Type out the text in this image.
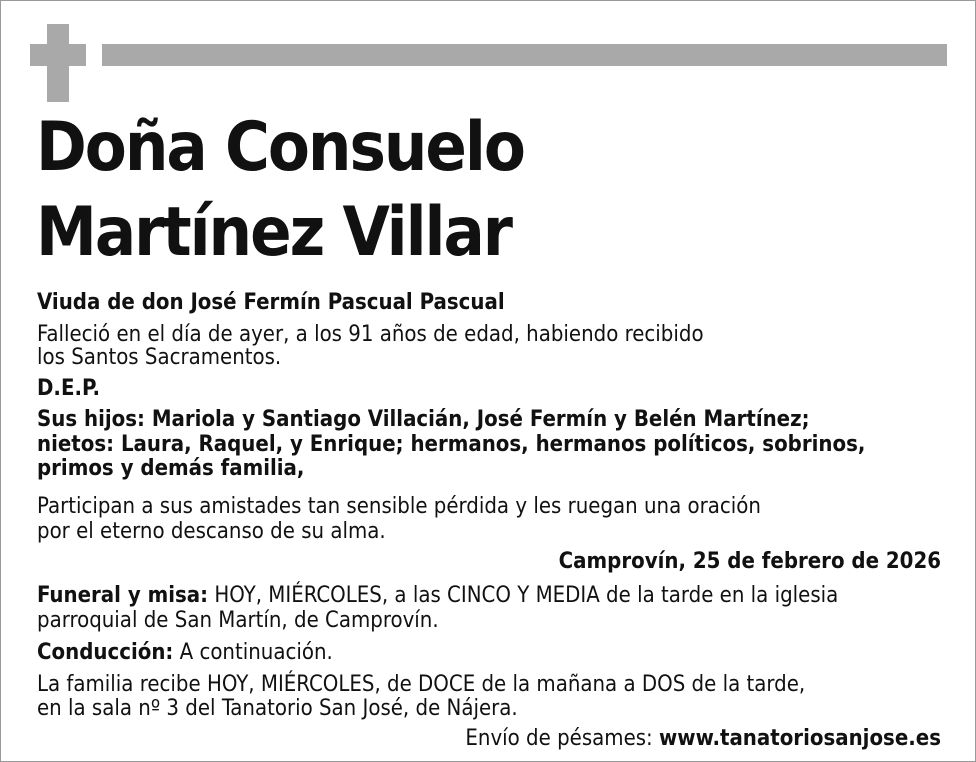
Doña Consuelo
Martínez Villar
Viuda de don José Fermín Pascual Pascual
Falleció en el día de ayer, a los 91 años de edad, habiendo recibido
los Santos Sacramentos.
D.E.P.
Sus hijos: Mariola y Santiago Villacián, José Fermín y Belén Martínez;
nietos: Laura, Raquel, y Enrique; hermanos, hermanos políticos, sobrinos,
primos y demás familia,
Participan a sus amistades tan sensible pérdida y les ruegan una oración
por el eterno descanso de su alma.
Camprovín, 25 de febrero de 2026
Funeral y misa: HOY, MIÉRCOLES, a las CINCO Y MEDIA de la tarde en la iglesia
parroquial de San Martín, de Camprovín.
Conducción: A continuación.
La familia recibe HOY, MIÉRCOLES, de DOCE de la mañana a DOS de la tarde,
en la sala nº 3 del Tanatorio San José, de Nájera.
Envío de pésames: www.tanatoriosanjose.es
